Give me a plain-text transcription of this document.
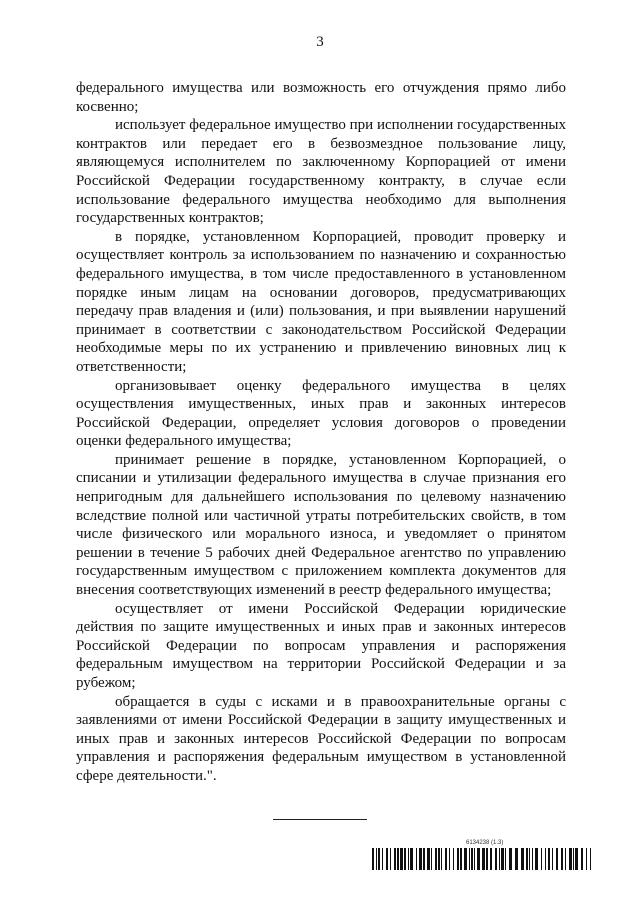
3

федерального имущества или возможность его отчуждения прямо либо косвенно;

использует федеральное имущество при исполнении государственных контрактов или передает его в безвозмездное пользование лицу, являющемуся исполнителем по заключенному Корпорацией от имени Российской Федерации государственному контракту, в случае если использование федерального имущества необходимо для выполнения государственных контрактов;

в порядке, установленном Корпорацией, проводит проверку и осуществляет контроль за использованием по назначению и сохранностью федерального имущества, в том числе предоставленного в установленном порядке иным лицам на основании договоров, предусматривающих передачу прав владения и (или) пользования, и при выявлении нарушений принимает в соответствии с законодательством Российской Федерации необходимые меры по их устранению и привлечению виновных лиц к ответственности;

организовывает оценку федерального имущества в целях осуществления имущественных, иных прав и законных интересов Российской Федерации, определяет условия договоров о проведении оценки федерального имущества;

принимает решение в порядке, установленном Корпорацией, о списании и утилизации федерального имущества в случае признания его непригодным для дальнейшего использования по целевому назначению вследствие полной или частичной утраты потребительских свойств, в том числе физического или морального износа, и уведомляет о принятом решении в течение 5 рабочих дней Федеральное агентство по управлению государственным имуществом с приложением комплекта документов для внесения соответствующих изменений в реестр федерального имущества;

осуществляет от имени Российской Федерации юридические действия по защите имущественных и иных прав и законных интересов Российской Федерации по вопросам управления и распоряжения федеральным имуществом на территории Российской Федерации и за рубежом;

обращается в суды с исками и в правоохранительные органы с заявлениями от имени Российской Федерации в защиту имущественных и иных прав и законных интересов Российской Федерации по вопросам управления и распоряжения федеральным имуществом в установленной сфере деятельности.".

6134238 (1.3)
